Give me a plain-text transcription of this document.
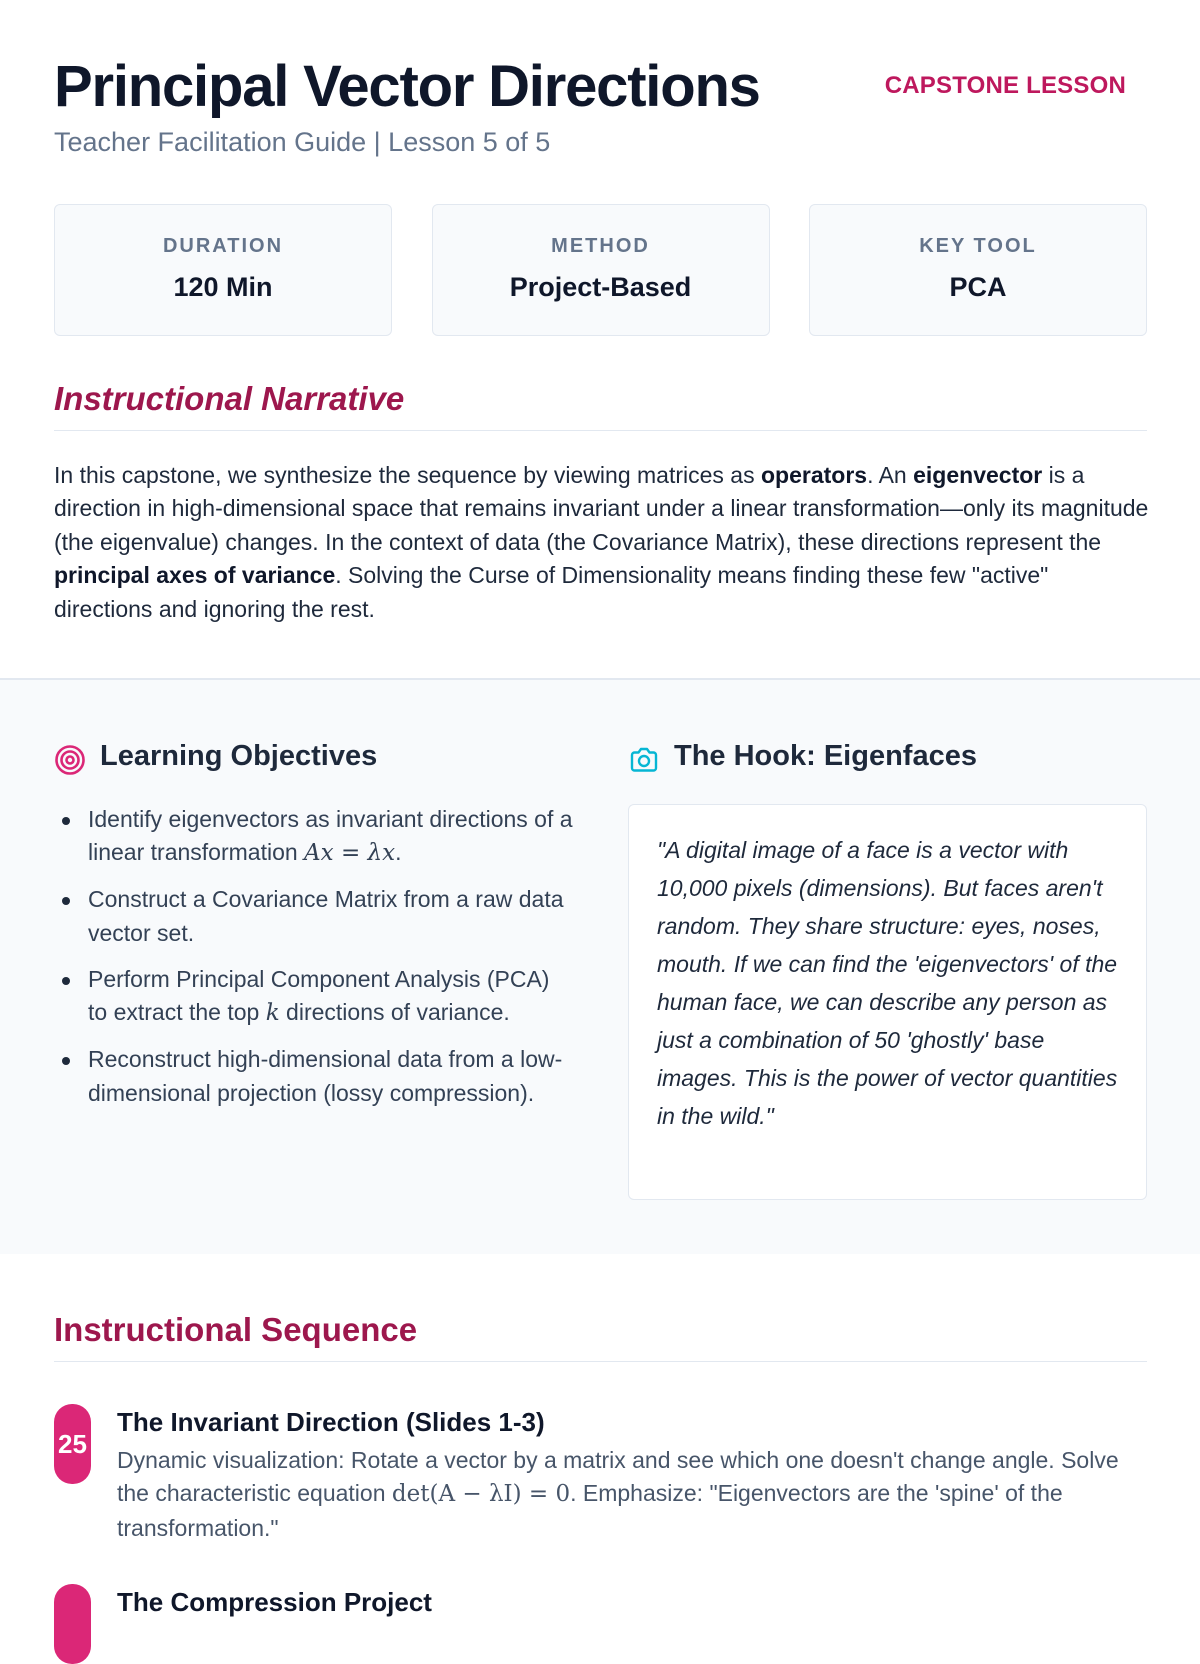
Principal Vector Directions
Teacher Facilitation Guide | Lesson 5 of 5
CAPSTONE LESSON
DURATION
120 Min
METHOD
Project-Based
KEY TOOL
PCA
Instructional Narrative

In this capstone, we synthesize the sequence by viewing matrices as operators. An eigenvector is a direction in high-dimensional space that remains invariant under a linear transformation—only its magnitude (the eigenvalue) changes. In the context of data (the Covariance Matrix), these directions represent the principal axes of variance. Solving the Curse of Dimensionality means finding these few "active" directions and ignoring the rest.

Learning Objectives
Identify eigenvectors as invariant directions of a linear transformation Ax = λx.
Construct a Covariance Matrix from a raw data vector set.
Perform Principal Component Analysis (PCA) to extract the top k directions of variance.
Reconstruct high-dimensional data from a low-dimensional projection (lossy compression).
The Hook: Eigenfaces

"A digital image of a face is a vector with 10,000 pixels (dimensions). But faces aren't random. They share structure: eyes, noses, mouth. If we can find the 'eigenvectors' of the human face, we can describe any person as just a combination of 50 'ghostly' base images. This is the power of vector quantities in the wild."

Instructional Sequence
25
The Invariant Direction (Slides 1-3)

Dynamic visualization: Rotate a vector by a matrix and see which one doesn't change angle. Solve the characteristic equation det(A − λI) = 0. Emphasize: "Eigenvectors are the 'spine' of the transformation."

The Compression Project
